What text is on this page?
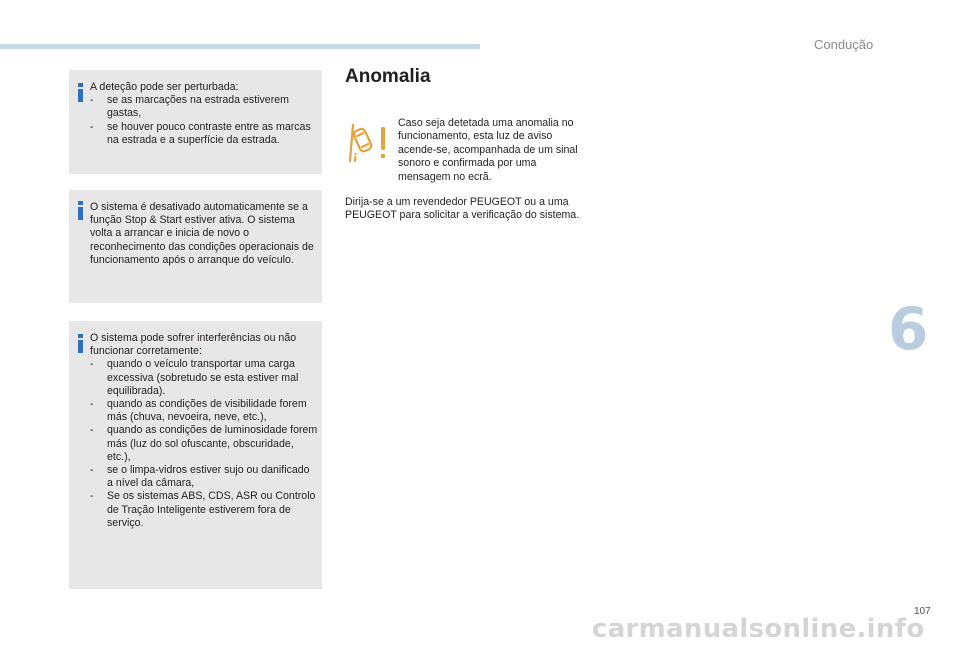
Condução
6

A deteção pode ser perturbada:

- se as marcações na estrada estiverem gastas,
- se houver pouco contraste entre as marcas na estrada e a superfície da estrada.

O sistema é desativado automaticamente se a função Stop & Start estiver ativa. O sistema volta a arrancar e inicia de novo o reconhecimento das condições operacionais de funcionamento após o arranque do veículo.

O sistema pode sofrer interferências ou não funcionar corretamente:

- quando o veículo transportar uma carga excessiva (sobretudo se esta estiver mal equilibrada).
- quando as condições de visibilidade forem más (chuva, nevoeira, neve, etc.),
- quando as condições de luminosidade forem más (luz do sol ofuscante, obscuridade, etc.),
- se o limpa-vidros estiver sujo ou danificado a nível da câmara,
- Se os sistemas ABS, CDS, ASR ou Controlo de Tração Inteligente estiverem fora de serviço.
Anomalia

Caso seja detetada uma anomalia no funcionamento, esta luz de aviso acende-se, acompanhada de um sinal sonoro e confirmada por uma mensagem no ecrã.

Dirija-se a um revendedor PEUGEOT ou a uma PEUGEOT para solicitar a verificação do sistema.

107
carmanualsonline.info
